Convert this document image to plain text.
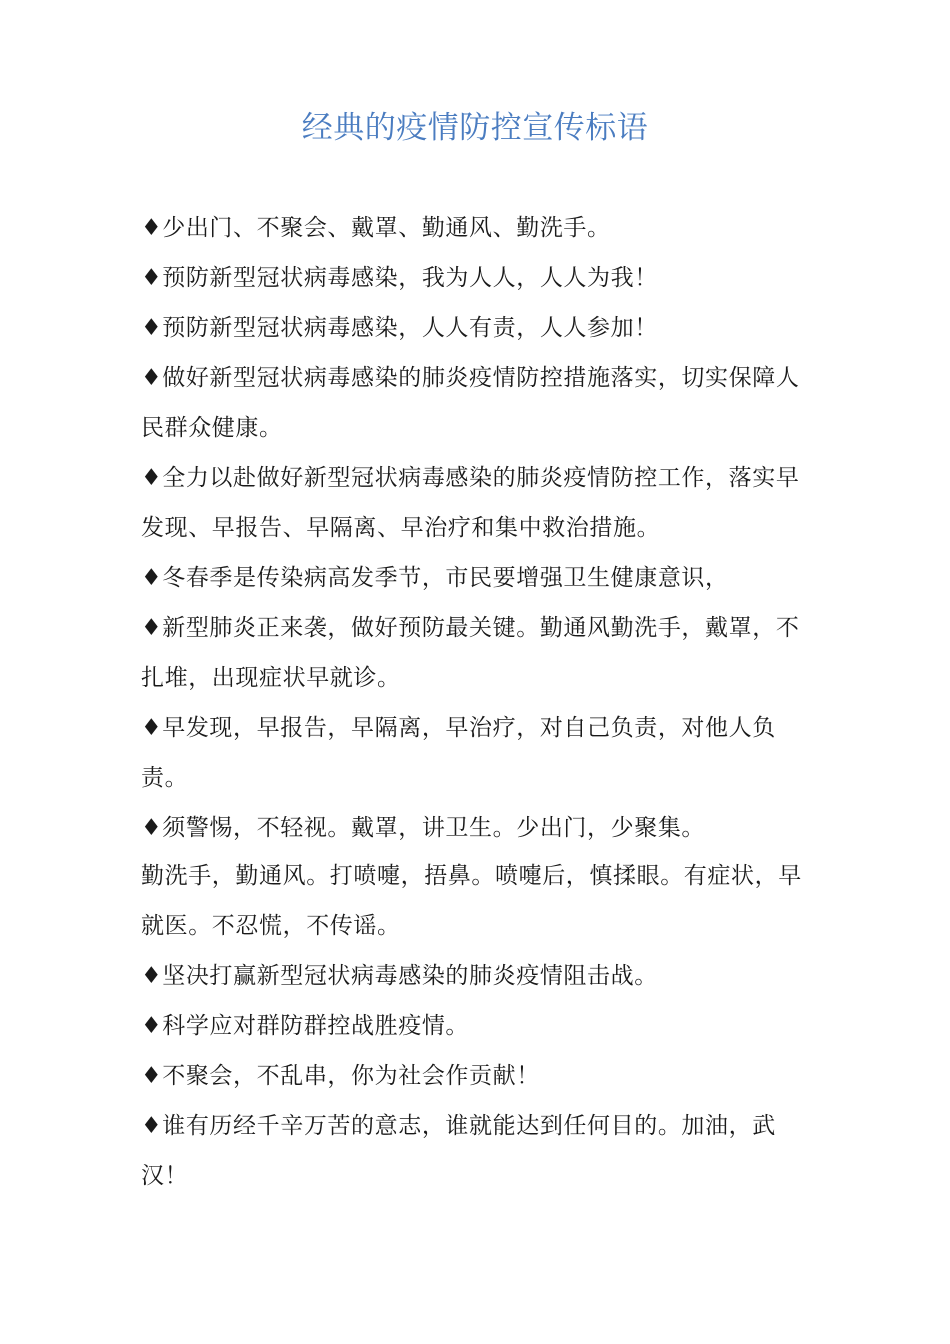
经典的疫情防控宣传标语

♦少出门、不聚会、戴罩、勤通风、勤洗手。

♦预防新型冠状病毒感染，我为人人，人人为我！

♦预防新型冠状病毒感染，人人有责，人人参加！

♦做好新型冠状病毒感染的肺炎疫情防控措施落实，切实保障人民群众健康。

♦全力以赴做好新型冠状病毒感染的肺炎疫情防控工作，落实早发现、早报告、早隔离、早治疗和集中救治措施。

♦冬春季是传染病高发季节，市民要增强卫生健康意识，

♦新型肺炎正来袭，做好预防最关键。勤通风勤洗手，戴罩，不扎堆，出现症状早就诊。

♦早发现，早报告，早隔离，早治疗，对自己负责，对他人负责。

♦须警惕，不轻视。戴罩，讲卫生。少出门，少聚集。

勤洗手，勤通风。打喷嚏，捂鼻。喷嚏后，慎揉眼。有症状，早就医。不忍慌，不传谣。

♦坚决打赢新型冠状病毒感染的肺炎疫情阻击战。

♦科学应对群防群控战胜疫情。

♦不聚会，不乱串，你为社会作贡献！

♦谁有历经千辛万苦的意志，谁就能达到任何目的。加油，武汉！
